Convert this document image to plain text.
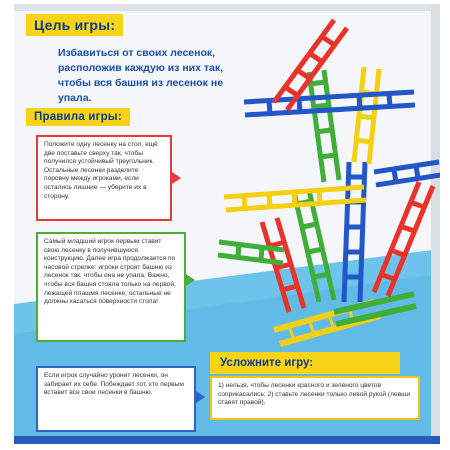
Цель игры:
Избавиться от своих лесенок, расположив каждую из них так, чтобы вся башня из лесенок не упала.
Правила игры:
Положите одну лесенку на стол, ещё две поставьте сверху так, чтобы получился устойчивый треугольник. Остальные лесенки разделите поровну между игроками, если остались лишние — уберите их в сторону.
Самый младший игрок первым ставит свою лесенку в получившуюся конструкцию. Далее игра продолжается по часовой стрелке: игроки строят башню из лесенок так, чтобы она не упала. Важно, чтобы вся башня стояла только на первой, лежащей плашмя лесенке, остальные не должны касаться поверхности стола!
Если игрок случайно уронит лесенки, он забирает их себе. Побеждает тот, кто первым вставит все свои лесенки в башню.
Усложните игру:
1) нельзя, чтобы лесенки красного и зелёного цветов соприкасались; 2) ставьте лесенки только левой рукой (левши ставят правой).
